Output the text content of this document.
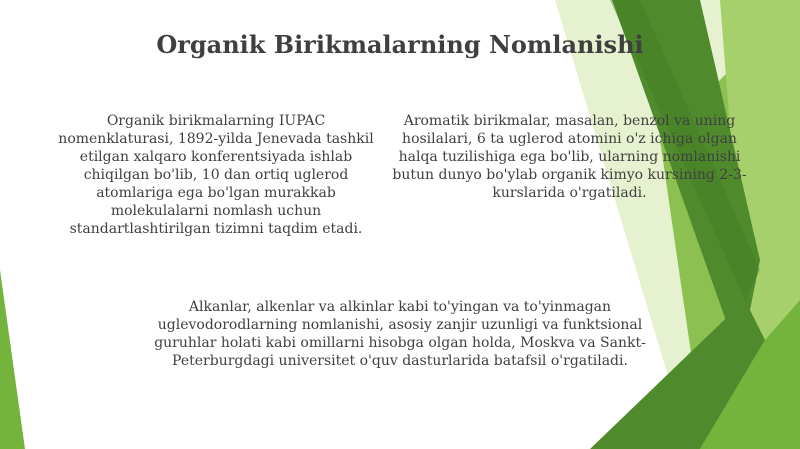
Organik Birikmalarning Nomlanishi
Organik birikmalarning IUPAC nomenklaturasi, 1892-yilda Jenevada tashkil etilgan xalqaro konferentsiyada ishlab chiqilgan bo'lib, 10 dan ortiq uglerod atomlariga ega bo'lgan murakkab molekulalarni nomlash uchun standartlashtirilgan tizimni taqdim etadi.
Aromatik birikmalar, masalan, benzol va uning hosilalari, 6 ta uglerod atomini o'z ichiga olgan halqa tuzilishiga ega bo'lib, ularning nomlanishi butun dunyo bo'ylab organik kimyo kursining 2-3-kurslarida o'rgatiladi.
Alkanlar, alkenlar va alkinlar kabi to'yingan va to'yinmagan uglevodorodlarning nomlanishi, asosiy zanjir uzunligi va funktsional guruhlar holati kabi omillarni hisobga olgan holda, Moskva va Sankt-Peterburgdagi universitet o'quv dasturlarida batafsil o'rgatiladi.
